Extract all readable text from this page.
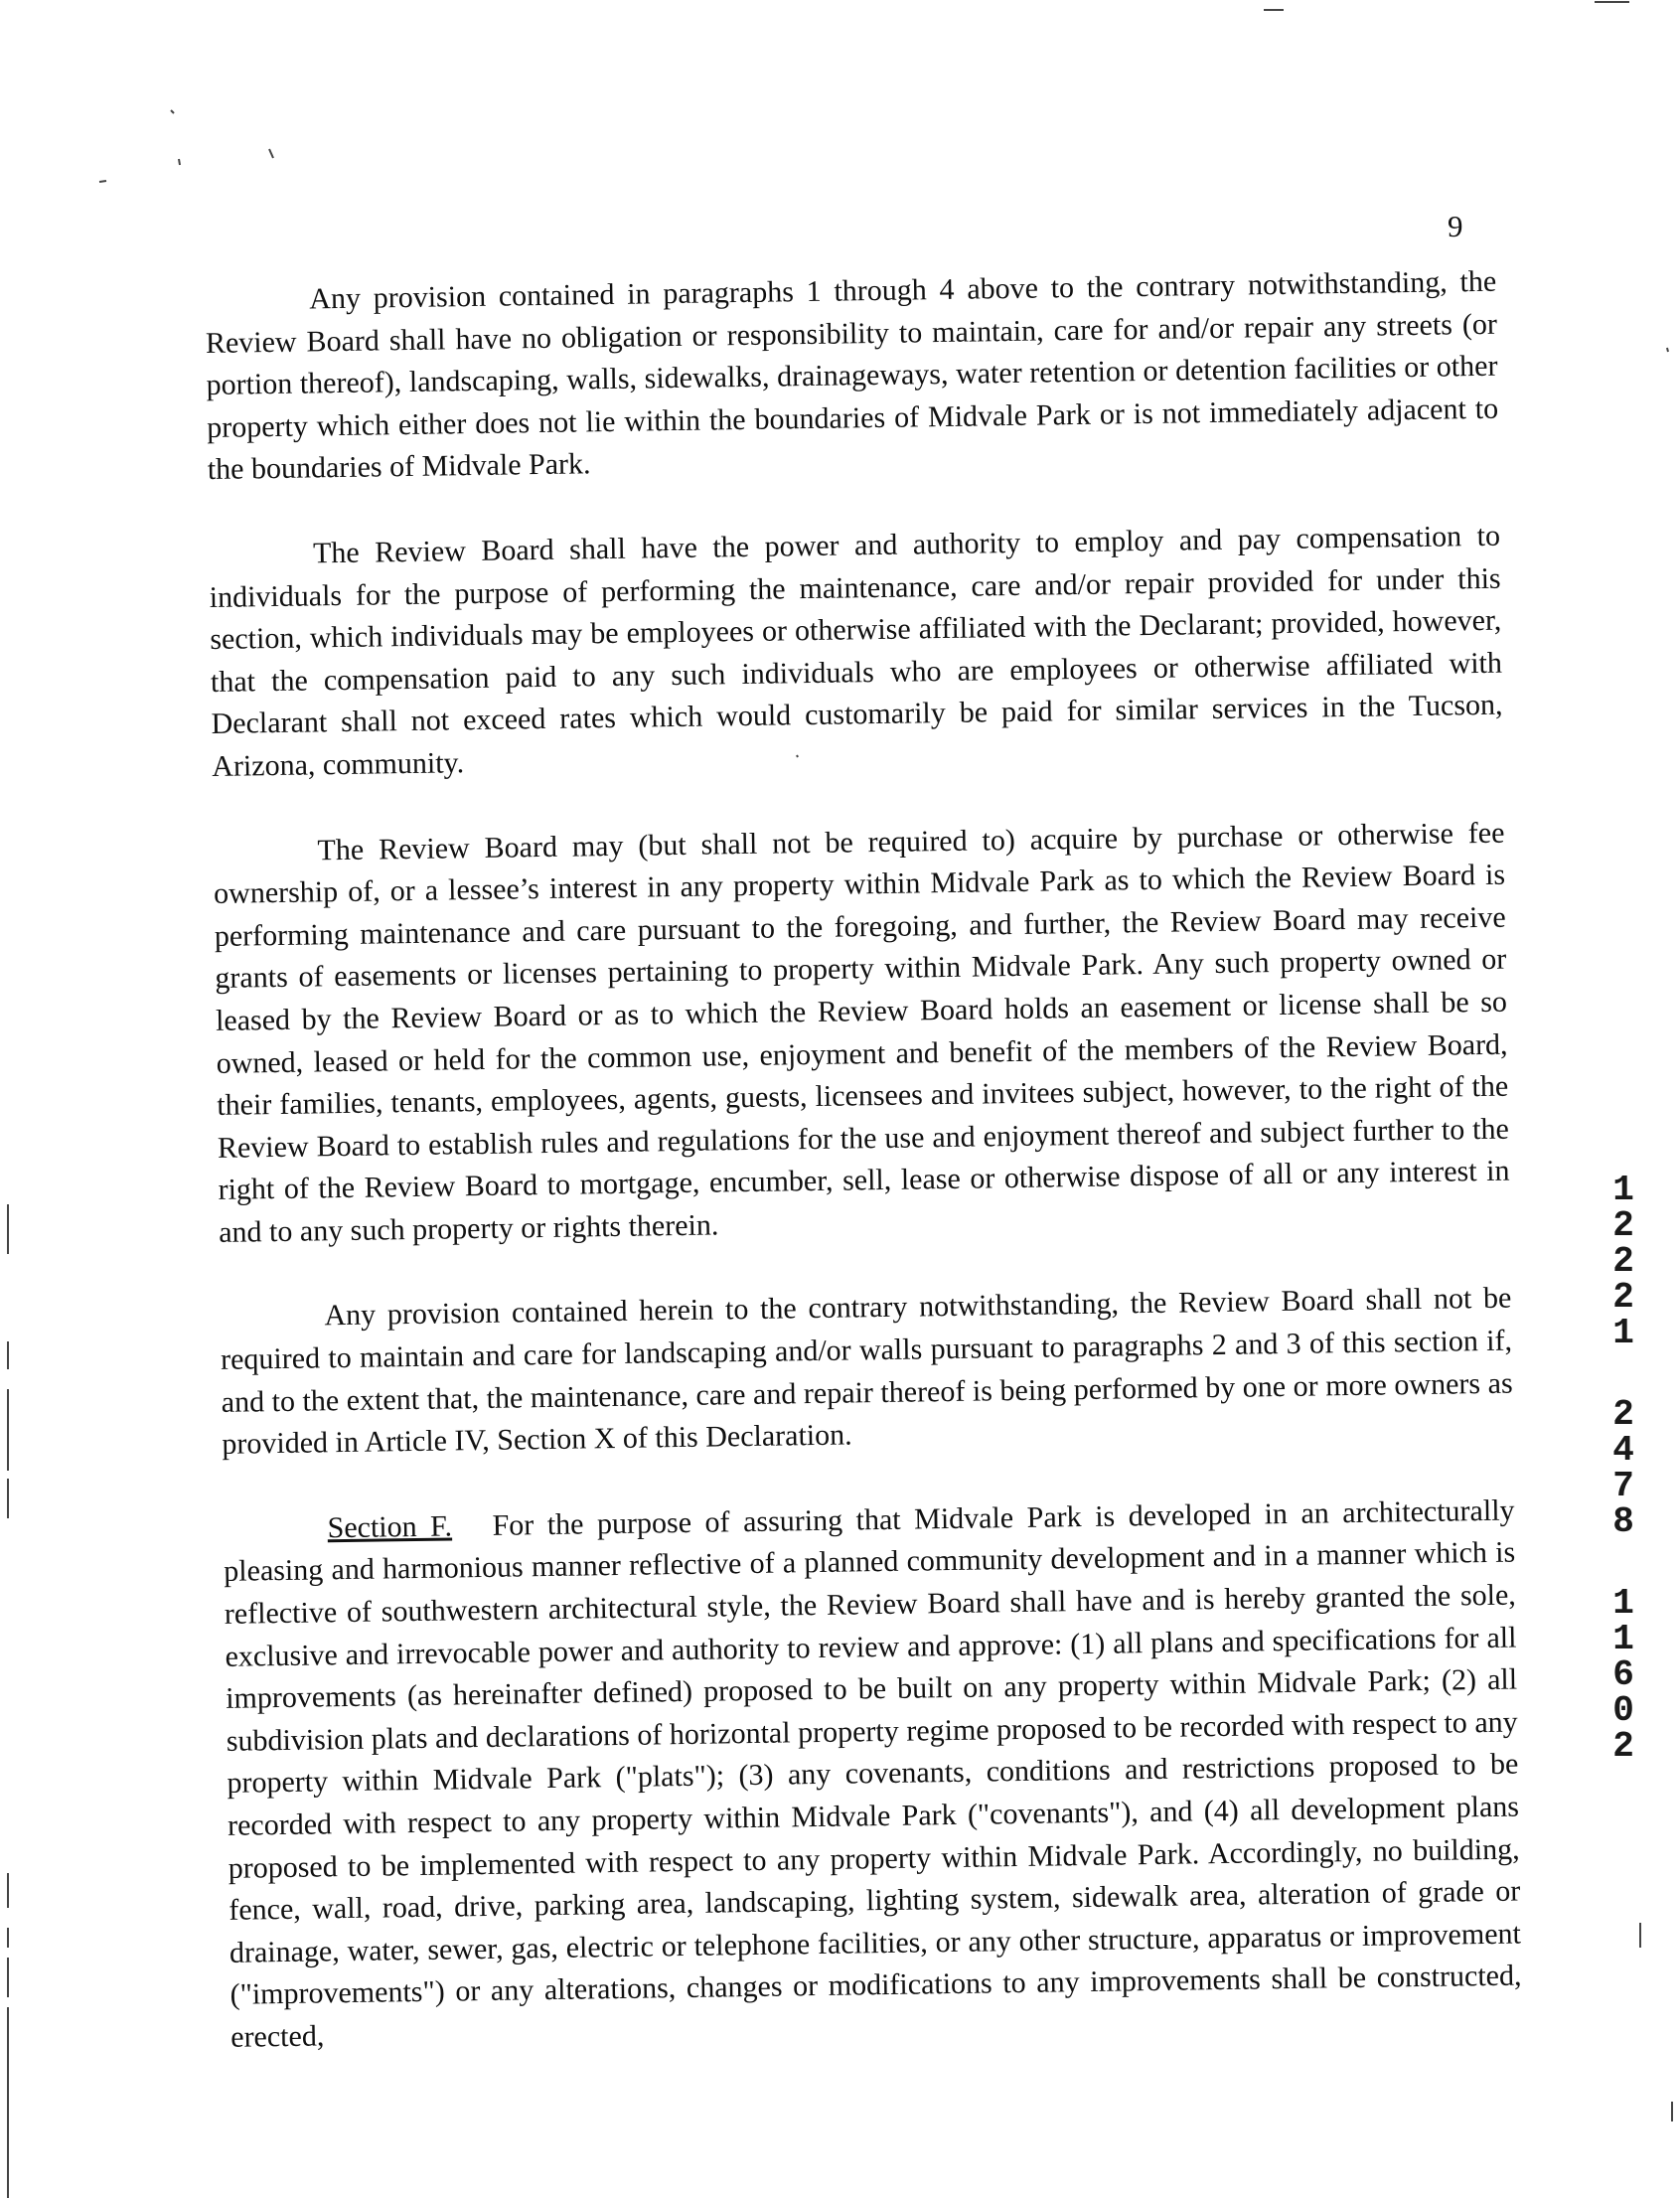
9

Any provision contained in paragraphs 1 through 4 above to the contrary notwithstanding, the Review Board shall have no obligation or responsibility to maintain, care for and/or repair any streets (or portion thereof), landscaping, walls, sidewalks, drainageways, water retention or detention facilities or other property which either does not lie within the boundaries of Midvale Park or is not immediately adjacent to the boundaries of Midvale Park.

The Review Board shall have the power and authority to employ and pay compensation to individuals for the purpose of performing the maintenance, care and/or repair provided for under this section, which individuals may be employees or otherwise affiliated with the Declarant; provided, however, that the compensation paid to any such individuals who are employees or otherwise affiliated with Declarant shall not exceed rates which would customarily be paid for similar services in the Tucson, Arizona, community.

The Review Board may (but shall not be required to) acquire by purchase or otherwise fee ownership of, or a lessee’s interest in any property within Midvale Park as to which the Review Board is performing maintenance and care pursuant to the foregoing, and further, the Review Board may receive grants of easements or licenses pertaining to property within Midvale Park. Any such property owned or leased by the Review Board or as to which the Review Board holds an easement or license shall be so owned, leased or held for the common use, enjoyment and benefit of the members of the Review Board, their families, tenants, employees, agents, guests, licensees and invitees subject, however, to the right of the Review Board to establish rules and regulations for the use and enjoyment thereof and subject further to the right of the Review Board to mortgage, encumber, sell, lease or otherwise dispose of all or any interest in and to any such property or rights therein.

Any provision contained herein to the contrary notwithstanding, the Review Board shall not be required to maintain and care for landscaping and/or walls pursuant to paragraphs 2 and 3 of this section if, and to the extent that, the maintenance, care and repair thereof is being performed by one or more owners as provided in Article IV, Section X of this Declaration.

Section F. For the purpose of assuring that Midvale Park is developed in an architecturally pleasing and harmonious manner reflective of a planned community development and in a manner which is reflective of southwestern architectural style, the Review Board shall have and is hereby granted the sole, exclusive and irrevocable power and authority to review and approve: (1) all plans and specifications for all improvements (as hereinafter defined) proposed to be built on any property within Midvale Park; (2) all subdivision plats and declarations of horizontal property regime proposed to be recorded with respect to any property within Midvale Park ("plats"); (3) any covenants, conditions and restrictions proposed to be recorded with respect to any property within Midvale Park ("covenants"), and (4) all development plans proposed to be implemented with respect to any property within Midvale Park. Accordingly, no building, fence, wall, road, drive, parking area, landscaping, lighting system, sidewalk area, alteration of grade or drainage, water, sewer, gas, electric or telephone facilities, or any other structure, apparatus or improvement ("improvements") or any alterations, changes or modifications to any improvements shall be constructed, erected,

1
2
2
2
1
2
4
7
8
1
1
6
0
2
